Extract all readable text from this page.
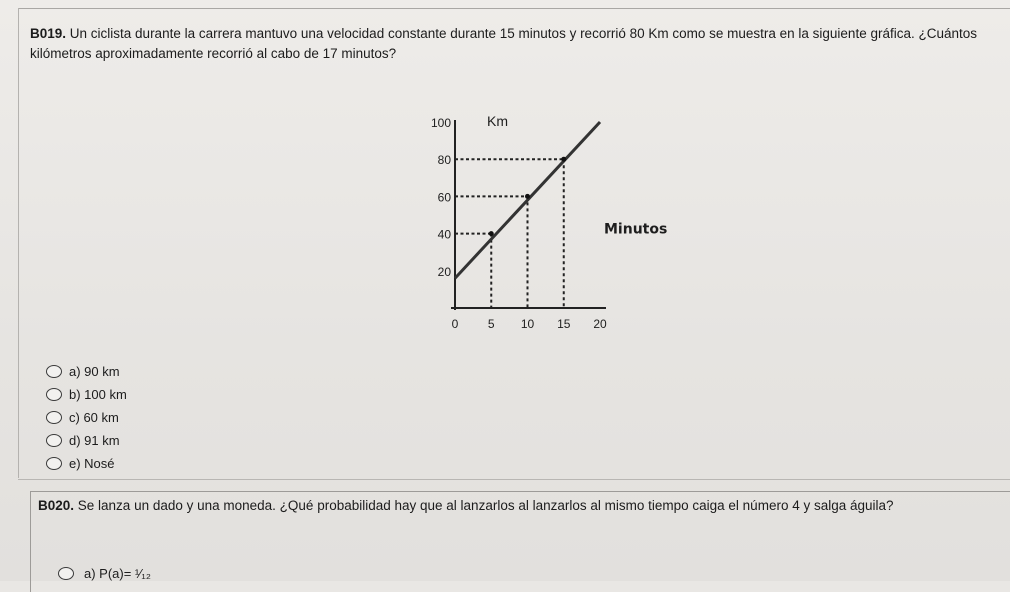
B019. Un ciclista durante la carrera mantuvo una velocidad constante durante 15 minutos y recorrió 80 Km como se muestra en la siguiente gráfica. ¿Cuántos kilómetros aproximadamente recorrió al cabo de 17 minutos?
20
40
60
80
100
0 5 10 15 20
Km
Minutos
a) 90 km
b) 100 km
c) 60 km
d) 91 km
e) Nosé
B020. Se lanza un dado y una moneda. ¿Qué probabilidad hay que al lanzarlos al lanzarlos al mismo tiempo caiga el número 4 y salga águila?
a) P(a)= ¹⁄₁₂
